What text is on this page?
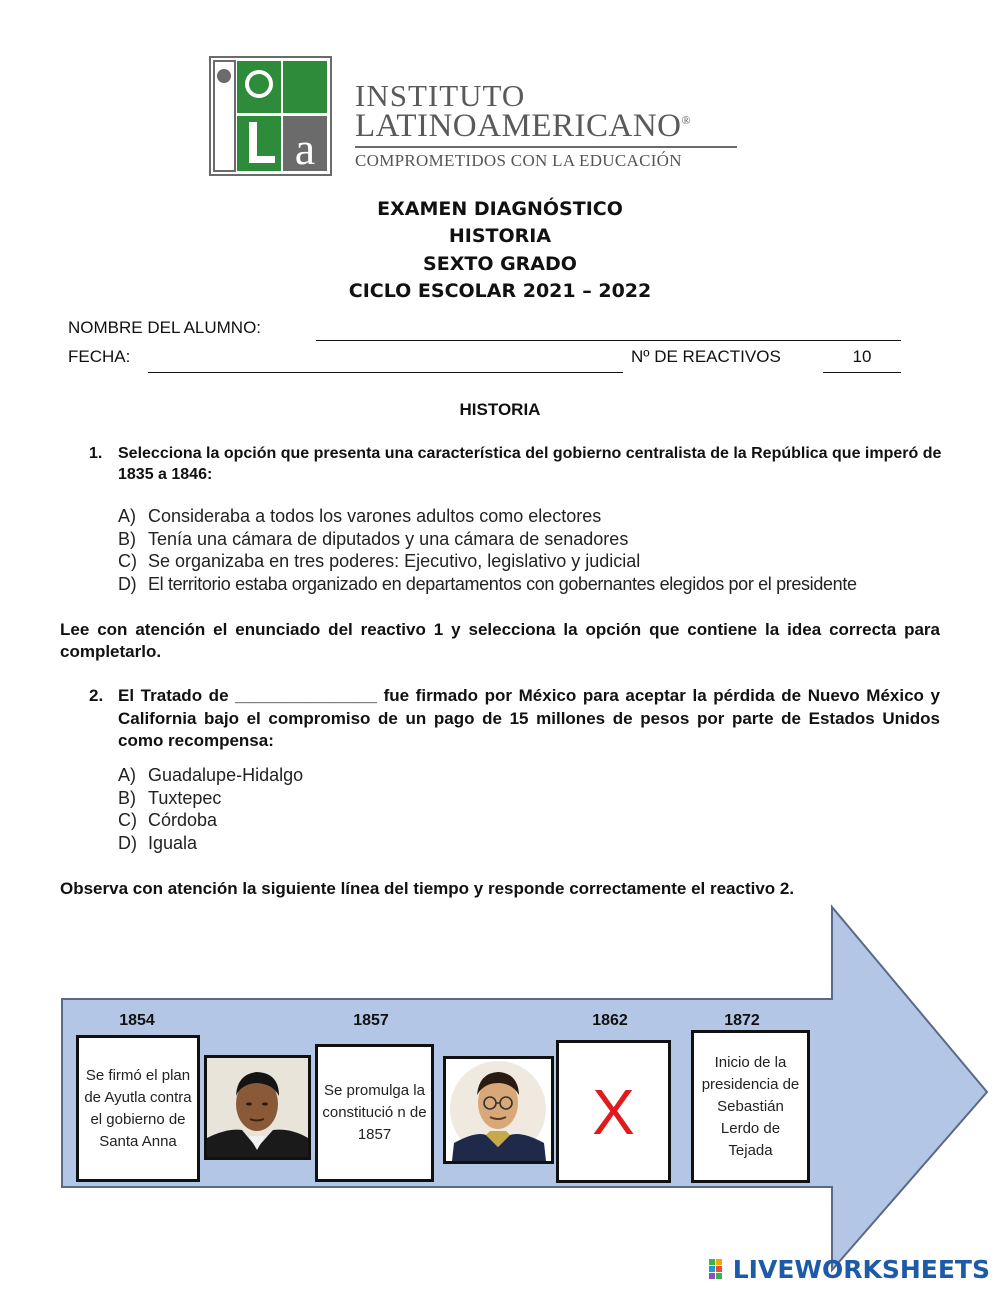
a
INSTITUTO
LATINOAMERICANO®
COMPROMETIDOS CON LA EDUCACIÓN
EXAMEN DIAGNÓSTICO
HISTORIA
SEXTO GRADO
CICLO ESCOLAR 2021 – 2022
NOMBRE DEL ALUMNO:
FECHA:	Nº DE REACTIVOS	10
HISTORIA
1. Selecciona la opción que presenta una característica del gobierno centralista de la República que imperó de 1835 a 1846:
A) Consideraba a todos los varones adultos como electores
B) Tenía una cámara de diputados y una cámara de senadores
C) Se organizaba en tres poderes: Ejecutivo, legislativo y judicial
D) El territorio estaba organizado en departamentos con gobernantes elegidos por el presidente
Lee con atención el enunciado del reactivo 1 y selecciona la opción que contiene la idea correcta para completarlo.
2. El Tratado de _______________ fue firmado por México para aceptar la pérdida de Nuevo México y California bajo el compromiso de un pago de 15 millones de pesos por parte de Estados Unidos como recompensa:
A) Guadalupe-Hidalgo
B) Tuxtepec
C) Córdoba
D) Iguala
Observa con atención la siguiente línea del tiempo y responde correctamente el reactivo 2.
1854	1857	1862	1872
Se firmó el plan de Ayutla contra el gobierno de Santa Anna
Se promulga la constitució n de 1857	X
Inicio de la presidencia de Sebastián Lerdo de Tejada
LIVEWORKSHEETS
